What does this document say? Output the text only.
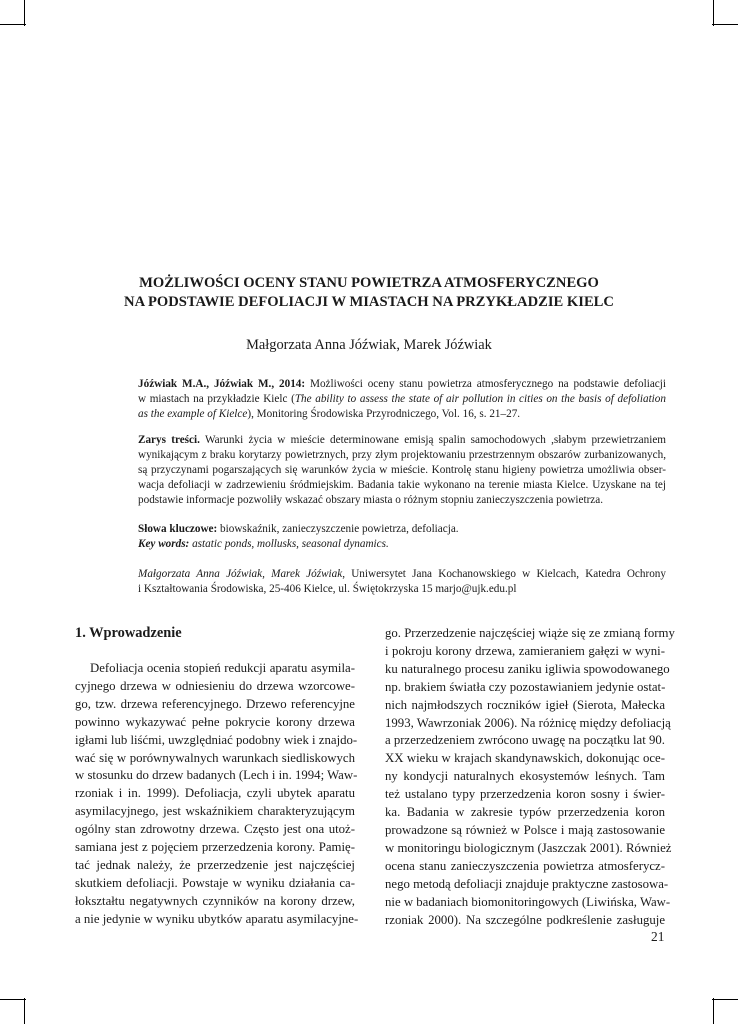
MOŻLIWOŚCI OCENY STANU POWIETRZA ATMOSFERYCZNEGO
NA PODSTAWIE DEFOLIACJI W MIASTACH NA PRZYKŁADZIE KIELC
Małgorzata Anna Jóźwiak, Marek Jóźwiak
Jóźwiak M.A., Jóźwiak M., 2014: Możliwości oceny stanu powietrza atmosferycznego na podstawie defoliacji
w miastach na przykładzie Kielc (The ability to assess the state of air pollution in cities on the basis of defoliation
as the example of Kielce), Monitoring Środowiska Przyrodniczego, Vol. 16, s. 21–27.
Zarys treści. Warunki życia w mieście determinowane emisją spalin samochodowych ,słabym przewietrzaniem
wynikającym z braku korytarzy powietrznych, przy złym projektowaniu przestrzennym obszarów zurbanizowanych,
są przyczynami pogarszających się warunków życia w mieście. Kontrolę stanu higieny powietrza umożliwia obser-
wacja defoliacji w zadrzewieniu śródmiejskim. Badania takie wykonano na terenie miasta Kielce. Uzyskane na tej
podstawie informacje pozwoliły wskazać obszary miasta o różnym stopniu zanieczyszczenia powietrza.
Słowa kluczowe: biowskaźnik, zanieczyszczenie powietrza, defoliacja.
Key words: astatic ponds, mollusks, seasonal dynamics.
Małgorzata Anna Jóźwiak, Marek Jóźwiak, Uniwersytet Jana Kochanowskiego w Kielcach, Katedra Ochrony
i Kształtowania Środowiska, 25-406 Kielce, ul. Świętokrzyska 15 marjo@ujk.edu.pl
1. Wprowadzenie
Defoliacja ocenia stopień redukcji aparatu asymila-
cyjnego drzewa w odniesieniu do drzewa wzorcowe-
go, tzw. drzewa referencyjnego. Drzewo referencyjne
powinno wykazywać pełne pokrycie korony drzewa
igłami lub liśćmi, uwzględniać podobny wiek i znajdo-
wać się w porównywalnych warunkach siedliskowych
w stosunku do drzew badanych (Lech i in. 1994; Waw-
rzoniak i in. 1999). Defoliacja, czyli ubytek aparatu
asymilacyjnego, jest wskaźnikiem charakteryzującym
ogólny stan zdrowotny drzewa. Często jest ona utoż-
samiana jest z pojęciem przerzedzenia korony. Pamię-
tać jednak należy, że przerzedzenie jest najczęściej
skutkiem defoliacji. Powstaje w wyniku działania ca-
łokształtu negatywnych czynników na korony drzew,
a nie jedynie w wyniku ubytków aparatu asymilacyjne-
go. Przerzedzenie najczęściej wiąże się ze zmianą formy
i pokroju korony drzewa, zamieraniem gałęzi w wyni-
ku naturalnego procesu zaniku igliwia spowodowanego
np. brakiem światła czy pozostawianiem jedynie ostat-
nich najmłodszych roczników igieł (Sierota, Małecka
1993, Wawrzoniak 2006). Na różnicę między defoliacją
a przerzedzeniem zwrócono uwagę na początku lat 90.
XX wieku w krajach skandynawskich, dokonując oce-
ny kondycji naturalnych ekosystemów leśnych. Tam
też ustalano typy przerzedzenia koron sosny i świer-
ka. Badania w zakresie typów przerzedzenia koron
prowadzone są również w Polsce i mają zastosowanie
w monitoringu biologicznym (Jaszczak 2001). Również
ocena stanu zanieczyszczenia powietrza atmosferycz-
nego metodą defoliacji znajduje praktyczne zastosowa-
nie w badaniach biomonitoringowych (Liwińska, Waw-
rzoniak 2000). Na szczególne podkreślenie zasługuje
21
